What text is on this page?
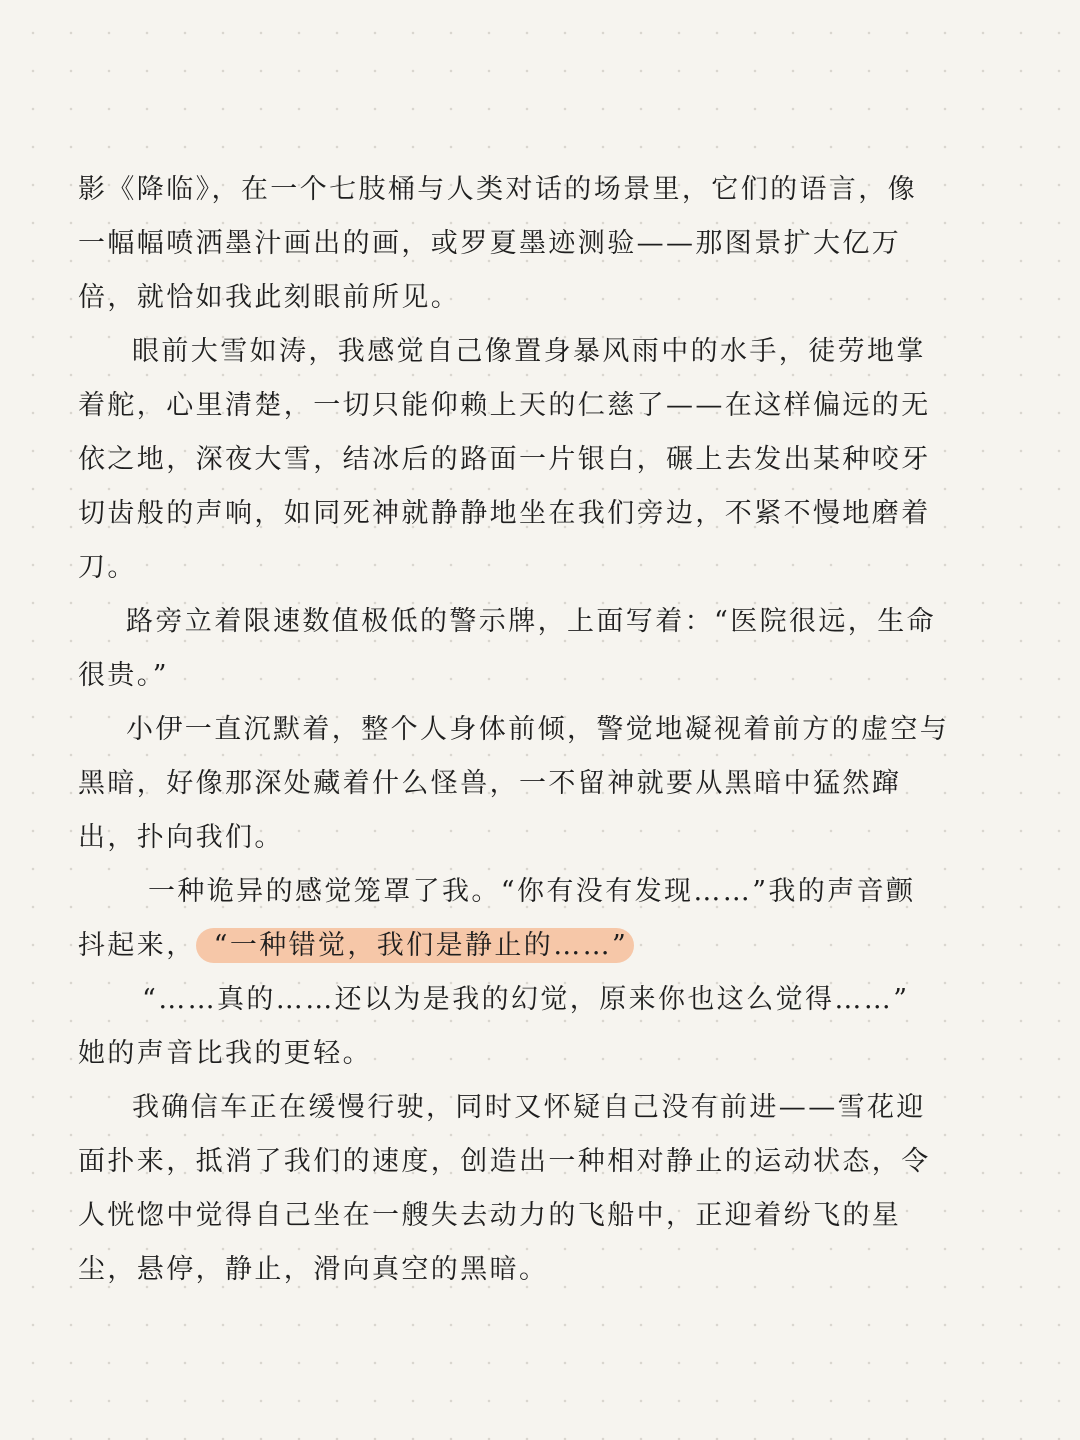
影《降临》，在一个七肢桶与人类对话的场景里，它们的语言，像
一幅幅喷洒墨汁画出的画，或罗夏墨迹测验——那图景扩大亿万
倍，就恰如我此刻眼前所见。
眼前大雪如涛，我感觉自己像置身暴风雨中的水手，徒劳地掌
着舵，心里清楚，一切只能仰赖上天的仁慈了——在这样偏远的无
依之地，深夜大雪，结冰后的路面一片银白，碾上去发出某种咬牙
切齿般的声响，如同死神就静静地坐在我们旁边，不紧不慢地磨着
刀。
路旁立着限速数值极低的警示牌，上面写着：“医院很远，生命
很贵。”
小伊一直沉默着，整个人身体前倾，警觉地凝视着前方的虚空与
黑暗，好像那深处藏着什么怪兽，一不留神就要从黑暗中猛然蹿
出，扑向我们。
一种诡异的感觉笼罩了我。“你有没有发现……”我的声音颤
抖起来， “一种错觉，我们是静止的……”
“……真的……还以为是我的幻觉，原来你也这么觉得……”
她的声音比我的更轻。
我确信车正在缓慢行驶，同时又怀疑自己没有前进——雪花迎
面扑来，抵消了我们的速度，创造出一种相对静止的运动状态，令
人恍惚中觉得自己坐在一艘失去动力的飞船中，正迎着纷飞的星
尘，悬停，静止，滑向真空的黑暗。
